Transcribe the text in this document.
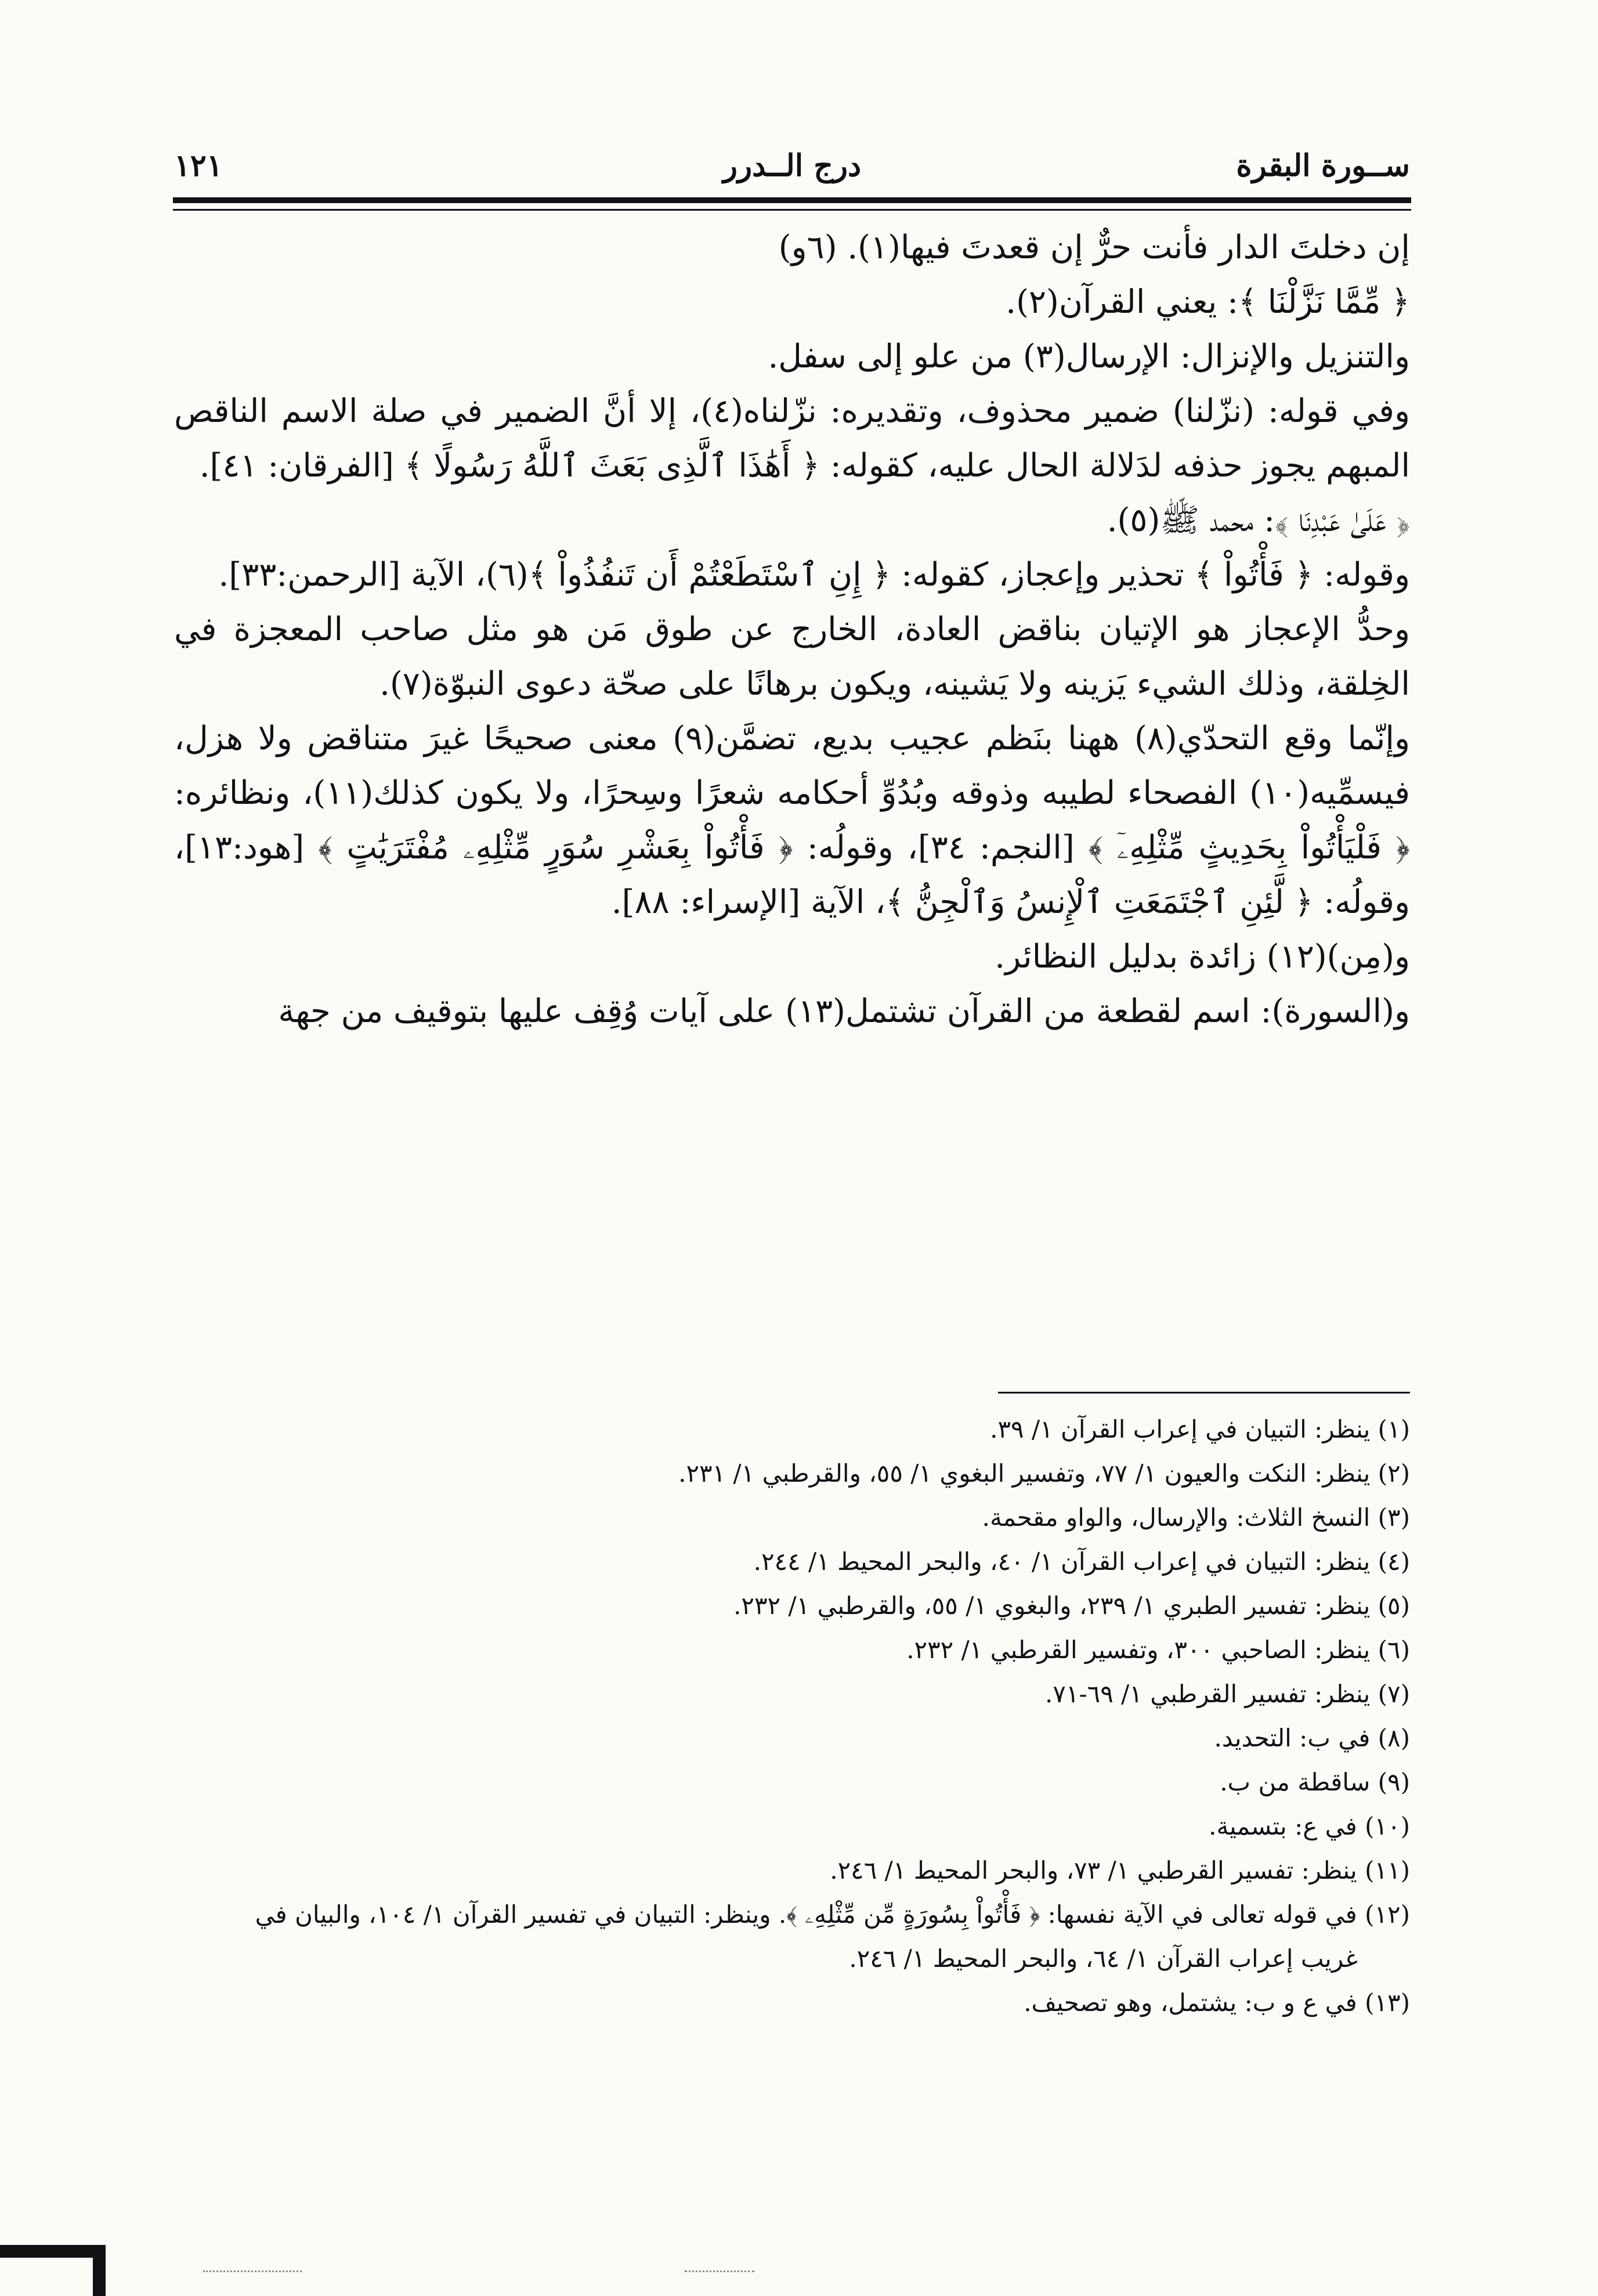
ســورة البقرة
درج الــدرر
١٢١

إن دخلتَ الدار فأنت حرٌّ إن قعدتَ فيها(١). (٦و)

﴿ مِّمَّا نَزَّلْنَا ﴾: يعني القرآن(٢).

والتنزيل والإنزال: الإرسال(٣) من علو إلى سفل.

وفي قوله: (نزّلنا) ضمير محذوف، وتقديره: نزّلناه(٤)، إلا أنَّ الضمير في صلة الاسم الناقص المبهم يجوز حذفه لدَلالة الحال عليه، كقوله: ﴿ أَهَٰذَا ٱلَّذِى بَعَثَ ٱللَّهُ رَسُولًا ﴾ [الفرقان: ٤١].

﴿ عَلَىٰ عَبْدِنَا ﴾: محمد ﷺ(٥).

وقوله: ﴿ فَأْتُواْ ﴾ تحذير وإعجاز، كقوله: ﴿ إِنِ ٱسْتَطَعْتُمْ أَن تَنفُذُواْ ﴾(٦)، الآية [الرحمن:٣٣].

وحدُّ الإعجاز هو الإتيان بناقض العادة، الخارج عن طوق مَن هو مثل صاحب المعجزة في الخِلقة، وذلك الشيء يَزينه ولا يَشينه، ويكون برهانًا على صحّة دعوى النبوّة(٧).

وإنّما وقع التحدّي(٨) ههنا بنَظم عجيب بديع، تضمَّن(٩) معنى صحيحًا غيرَ متناقض ولا هزل، فيسمِّيه(١٠) الفصحاء لطيبه وذوقه وبُدُوِّ أحكامه شعرًا وسِحرًا، ولا يكون كذلك(١١)، ونظائره: ﴿ فَلْيَأْتُواْ بِحَدِيثٍ مِّثْلِهِۦٓ ﴾ [النجم: ٣٤]، وقولُه: ﴿ فَأْتُواْ بِعَشْرِ سُوَرٍ مِّثْلِهِۦ مُفْتَرَيَٰتٍ ﴾ [هود:١٣]، وقولُه: ﴿ لَّئِنِ ٱجْتَمَعَتِ ٱلْإِنسُ وَٱلْجِنُّ ﴾، الآية [الإسراء: ٨٨].

و(مِن)(١٢) زائدة بدليل النظائر.

و(السورة): اسم لقطعة من القرآن تشتمل(١٣) على آيات وُقِف عليها بتوقيف من جهة

(١) ينظر: التبيان في إعراب القرآن ١/ ٣٩.

(٢) ينظر: النكت والعيون ١/ ٧٧، وتفسير البغوي ١/ ٥٥، والقرطبي ١/ ٢٣١.

(٣) النسخ الثلاث: والإرسال، والواو مقحمة.

(٤) ينظر: التبيان في إعراب القرآن ١/ ٤٠، والبحر المحيط ١/ ٢٤٤.

(٥) ينظر: تفسير الطبري ١/ ٢٣٩، والبغوي ١/ ٥٥، والقرطبي ١/ ٢٣٢.

(٦) ينظر: الصاحبي ٣٠٠، وتفسير القرطبي ١/ ٢٣٢.

(٧) ينظر: تفسير القرطبي ١/ ٦٩-٧١.

(٨) في ب: التحديد.

(٩) ساقطة من ب.

(١٠) في ع: بتسمية.

(١١) ينظر: تفسير القرطبي ١/ ٧٣، والبحر المحيط ١/ ٢٤٦.

(١٢) في قوله تعالى في الآية نفسها: ﴿ فَأْتُواْ بِسُورَةٍ مِّن مِّثْلِهِۦ ﴾. وينظر: التبيان في تفسير القرآن ١/ ١٠٤، والبيان في

غريب إعراب القرآن ١/ ٦٤، والبحر المحيط ١/ ٢٤٦.

(١٣) في ع و ب: يشتمل، وهو تصحيف.
